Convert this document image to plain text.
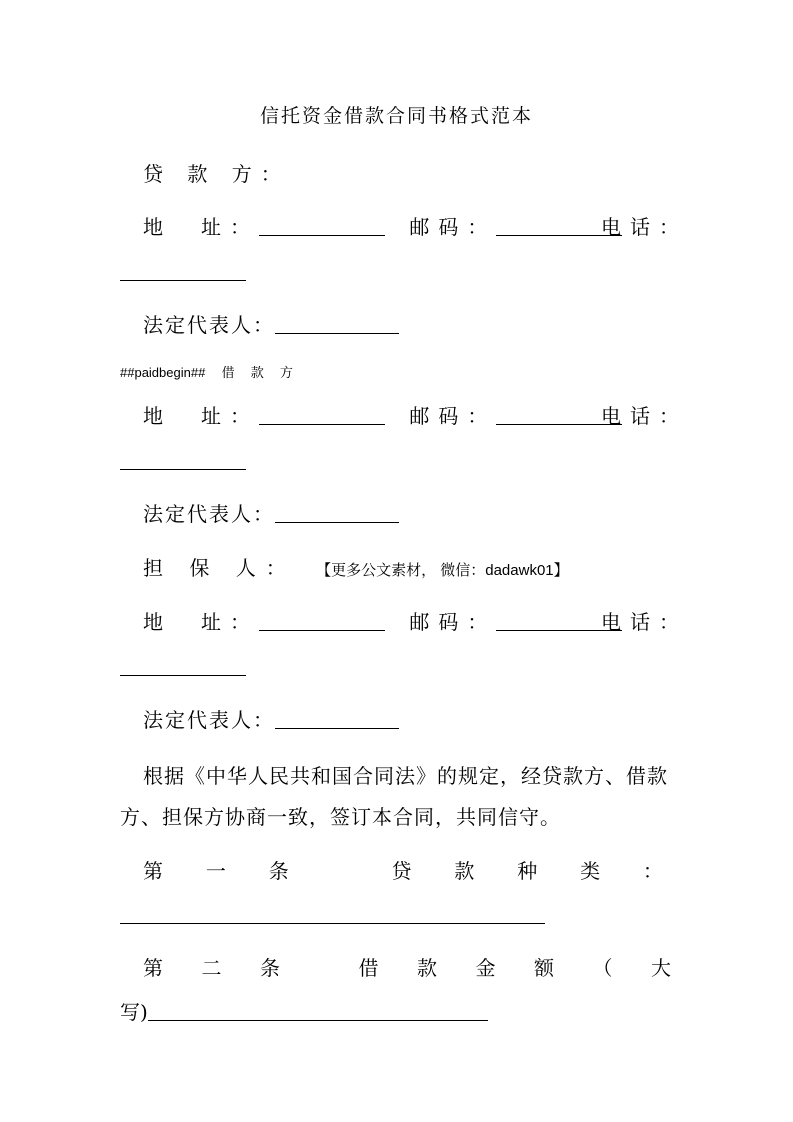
信托资金借款合同书格式范本
贷 款 方：
地　址：	邮码：	电话：
法定代表人：
##paidbegin## 借 款 方
地　址：	邮码：	电话：
法定代表人：
担 保 人： 【更多公文素材， 微信：dadawk01】
地　址：	邮码：	电话：
法定代表人：
根据《中华人民共和国合同法》的规定，经贷款方、借款
方、担保方协商一致，签订本合同，共同信守。
第 一 条	贷 款 种 类 ：
第 二 条	借 款 金 额 （ 大
写)
